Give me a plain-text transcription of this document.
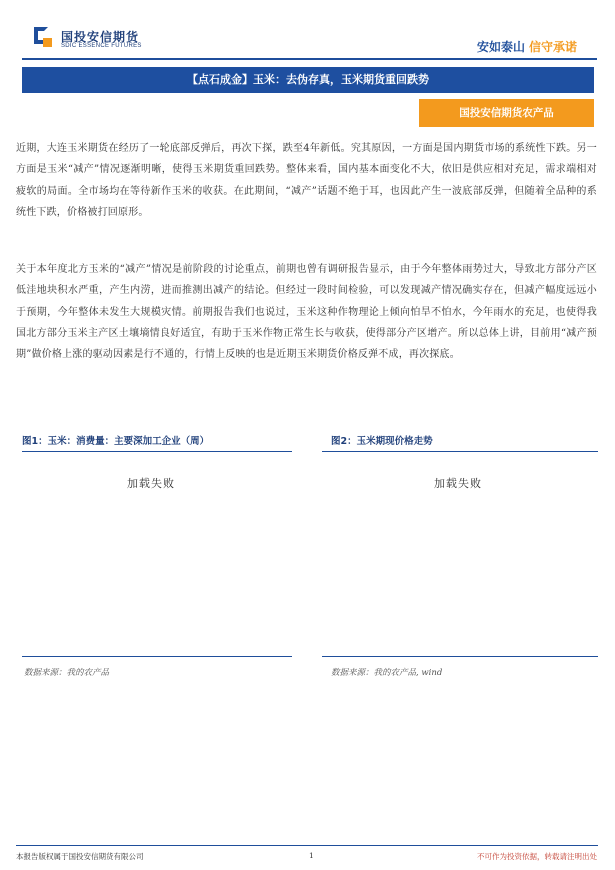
国投安信期货
SDIC ESSENCE FUTURES	安如泰山 信守承诺
【点石成金】玉米：去伪存真，玉米期货重回跌势
国投安信期货农产品
近期，大连玉米期货在经历了一轮底部反弹后，再次下探，跌至4年新低。究其原因，一方面是国内期货市场的系统性下跌。另一方面是玉米“减产”情况逐渐明晰，使得玉米期货重回跌势。整体来看，国内基本面变化不大，依旧是供应相对充足，需求端相对疲软的局面。全市场均在等待新作玉米的收获。在此期间，“减产”话题不绝于耳，也因此产生一波底部反弹，但随着全品种的系统性下跌，价格被打回原形。
关于本年度北方玉米的“减产”情况是前阶段的讨论重点，前期也曾有调研报告显示，由于今年整体雨势过大，导致北方部分产区低洼地块积水严重，产生内涝，进而推测出减产的结论。但经过一段时间检验，可以发现减产情况确实存在，但减产幅度远远小于预期，今年整体未发生大规模灾情。前期报告我们也说过，玉米这种作物理论上倾向怕旱不怕水，今年雨水的充足，也使得我国北方部分玉米主产区土壤墒情良好适宜，有助于玉米作物正常生长与收获，使得部分产区增产。所以总体上讲，目前用“减产预期”做价格上涨的驱动因素是行不通的，行情上反映的也是近期玉米期货价格反弹不成，再次探底。
图1：玉米：消费量：主要深加工企业（周）
加载失败
数据来源：我的农产品
图2：玉米期现价格走势
加载失败
数据来源：我的农产品, wind
本报告版权属于国投安信期货有限公司	1	不可作为投资依据，转载请注明出处
